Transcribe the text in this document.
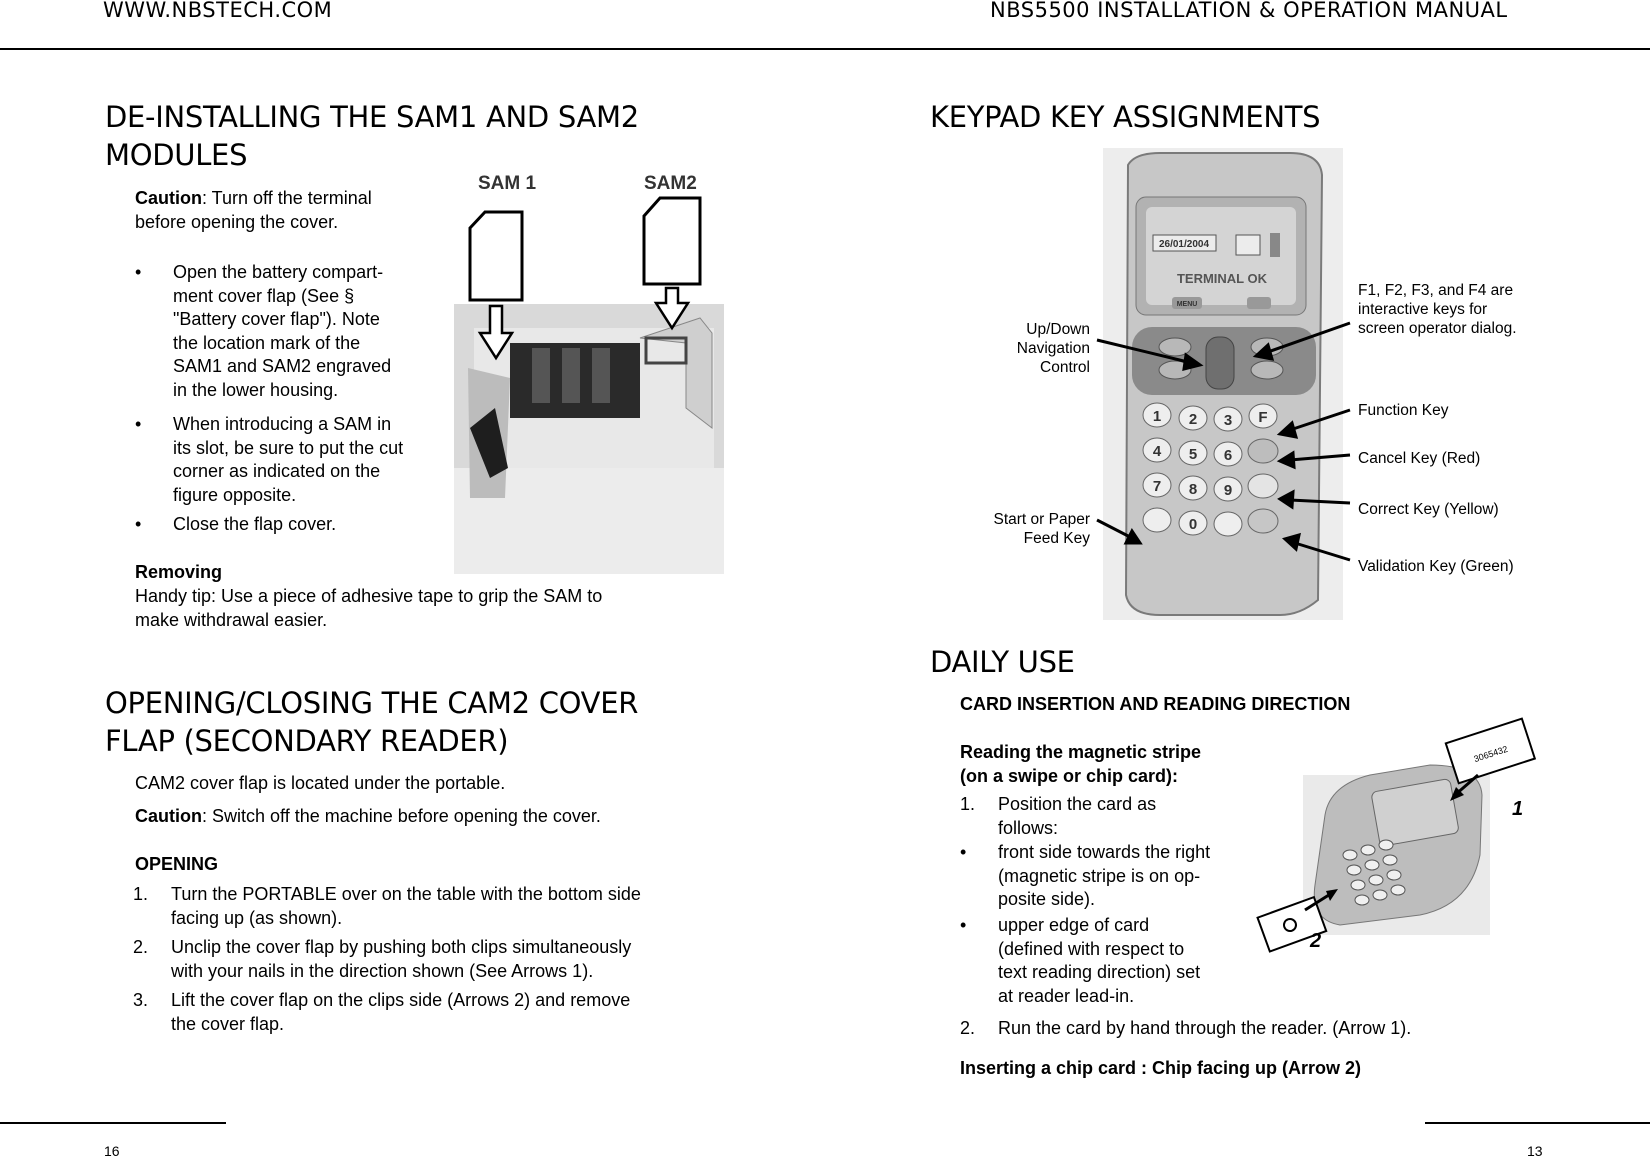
WWW.NBSTECH.COM	NBS5500 INSTALLATION & OPERATION MANUAL
DE-INSTALLING THE SAM1 AND SAM2
MODULES
Caution: Turn off the terminal
before opening the cover.
• Open the battery compart-
ment cover flap (See §
"Battery cover flap"). Note
the location mark of the
SAM1 and SAM2 engraved
in the lower housing.
• When introducing a SAM in
its slot, be sure to put the cut
corner as indicated on the
figure opposite.
• Close the flap cover.
SAM 1	SAM2
Removing
Handy tip: Use a piece of adhesive tape to grip the SAM to
make withdrawal easier.
OPENING/CLOSING THE CAM2 COVER
FLAP (SECONDARY READER)
CAM2 cover flap is located under the portable.
Caution: Switch off the machine before opening the cover.
OPENING
1. Turn the PORTABLE over on the table with the bottom side
facing up (as shown).
2. Unclip the cover flap by pushing both clips simultaneously
with your nails in the direction shown (See Arrows 1).
3. Lift the cover flap on the clips side (Arrows 2) and remove
the cover flap.
16
KEYPAD KEY ASSIGNMENTS
26/01/2004
TERMINAL OK
MENU
1 2 3 F
4 5 6
7 8 9
0
Up/Down
Navigation
Control
Start or Paper
Feed Key
F1, F2, F3, and F4 are
interactive keys for
screen operator dialog.
Function Key
Cancel Key (Red)
Correct Key (Yellow)
Validation Key (Green)
DAILY USE
CARD INSERTION AND READING DIRECTION
Reading the magnetic stripe
(on a swipe or chip card):
1. Position the card as
follows:
• front side towards the right
(magnetic stripe is on op-
posite side).
• upper edge of card
(defined with respect to
text reading direction) set
at reader lead-in.
2. Run the card by hand through the reader. (Arrow 1).
Inserting a chip card : Chip facing up (Arrow 2)
3065432
1
2
13
